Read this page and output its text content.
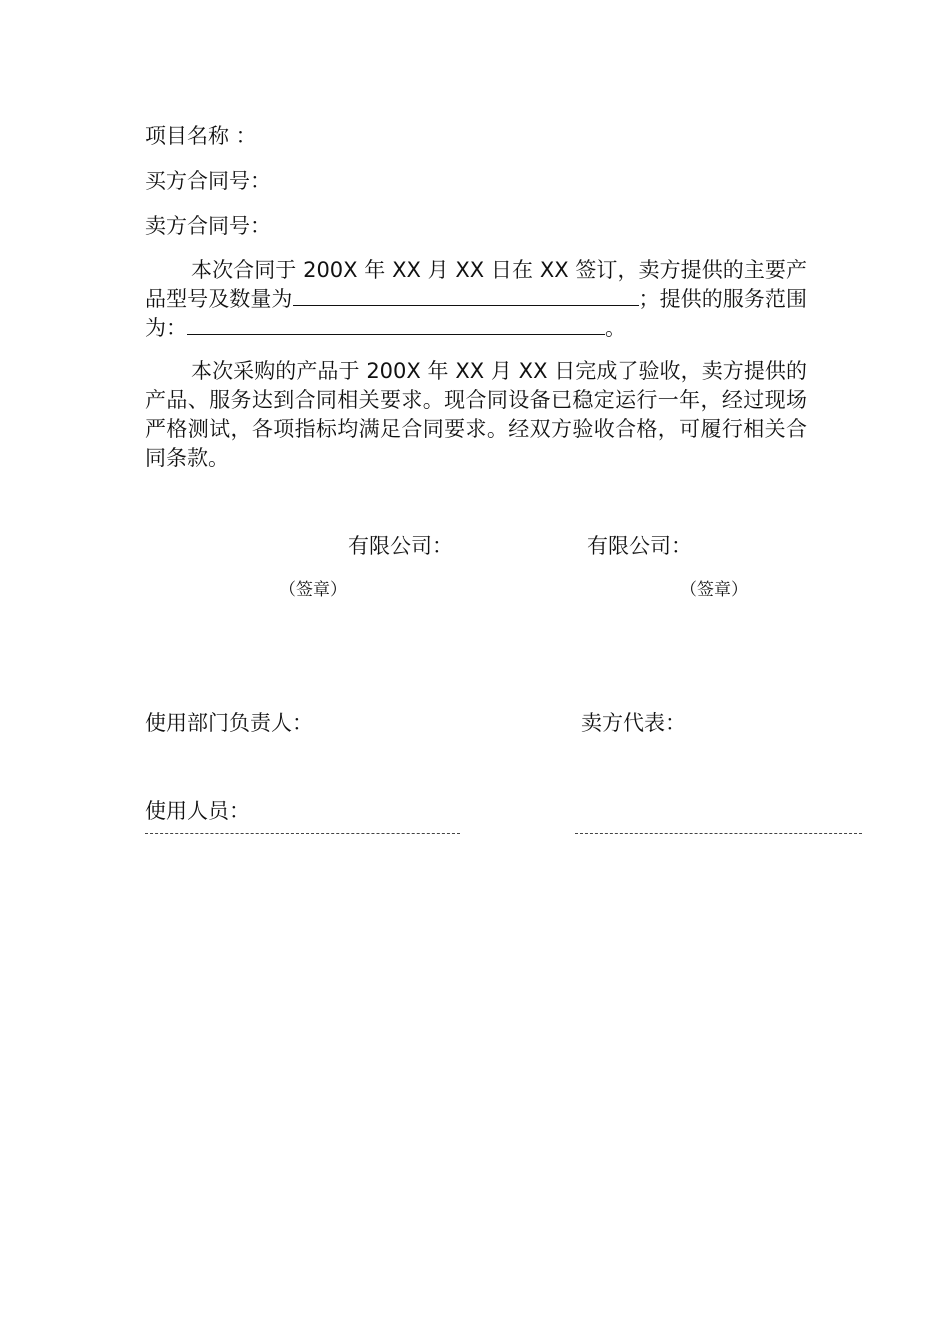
项目名称 ：
买方合同号：
卖方合同号：

本次合同于 200X 年 XX 月 XX 日在 XX 签订，卖方提供的主要产品型号及数量为	；提供的服务范围为：	。

本次采购的产品于 200X 年 XX 月 XX 日完成了验收，卖方提供的产品、服务达到合同相关要求。现合同设备已稳定运行一年，经过现场严格测试，各项指标均满足合同要求。经双方验收合格，可履行相关合同条款。

有限公司：	有限公司：
（签章）	（签章）
使用部门负责人：	卖方代表：
使用人员：
